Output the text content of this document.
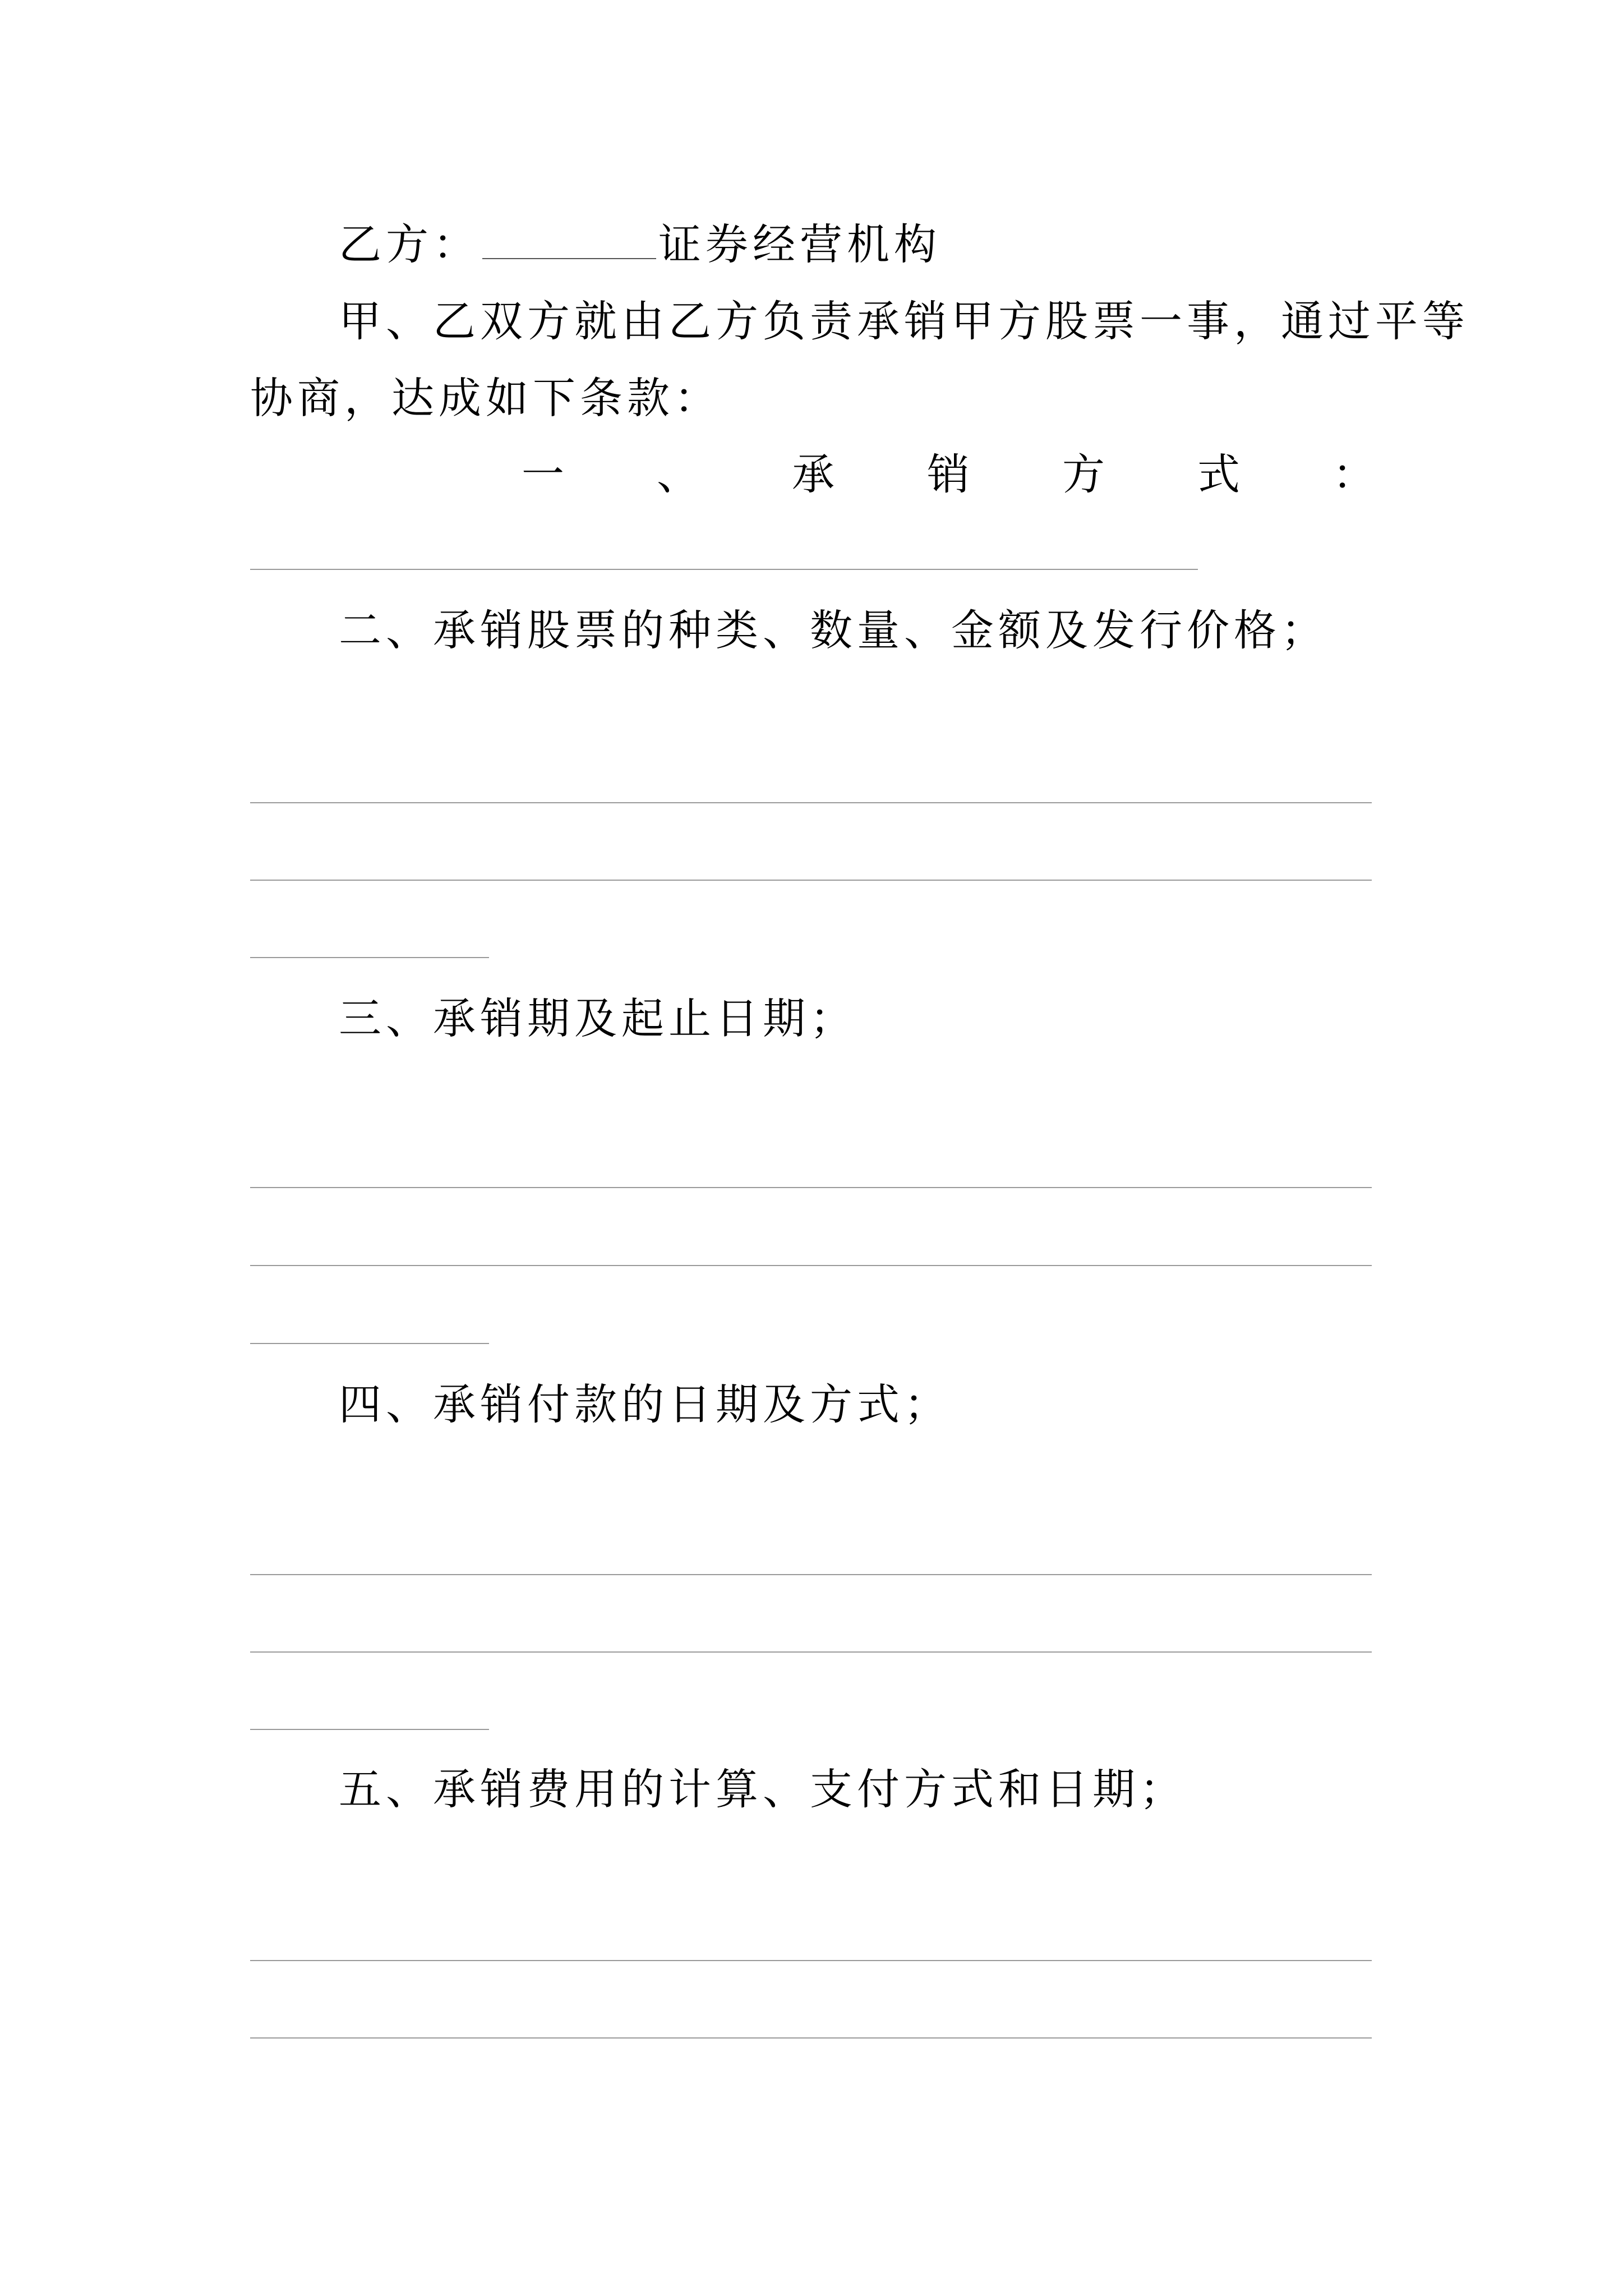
乙方：	证券经营机构
甲、乙双方就由乙方负责承销甲方股票一事，通过平等
协商，达成如下条款：
一 、 承 销 方 式 ：
二、承销股票的种类、数量、金额及发行价格；
三、承销期及起止日期；
四、承销付款的日期及方式；
五、承销费用的计算、支付方式和日期；
